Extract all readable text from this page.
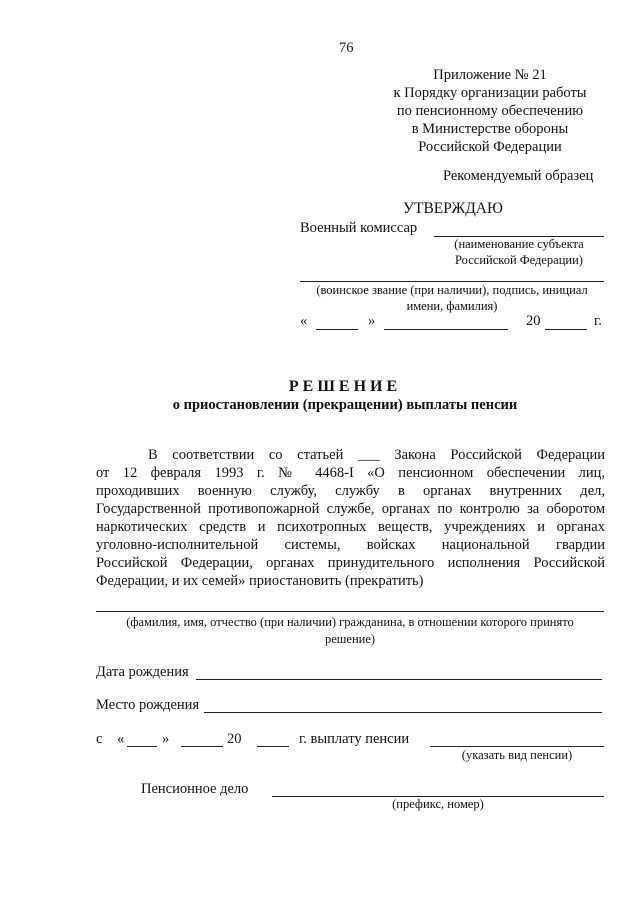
76
Приложение № 21
к Порядку организации работы
по пенсионному обеспечению
в Министерстве обороны
Российской Федерации
Рекомендуемый образец
УТВЕРЖДАЮ
Военный комиссар
(наименование субъекта
Российской Федерации)
(воинское звание (при наличии), подпись, инициал
имени, фамилия)
«	»	20	г.
РЕШЕНИЕ
о приостановлении (прекращении) выплаты пенсии
В соответствии со статьей ___ Закона Российской Федерации
от 12 февраля 1993 г. № 4468-I «О пенсионном обеспечении лиц,
проходивших военную службу, службу в органах внутренних дел,
Государственной противопожарной службе, органах по контролю за оборотом
наркотических средств и психотропных веществ, учреждениях и органах
уголовно-исполнительной системы, войсках национальной гвардии
Российской Федерации, органах принудительного исполнения Российской
Федерации, и их семей» приостановить (прекратить)
(фамилия, имя, отчество (при наличии) гражданина, в отношении которого принято
решение)
Дата рождения
Место рождения
с «	»	20	г. выплату пенсии
(указать вид пенсии)
Пенсионное дело
(префикс, номер)
